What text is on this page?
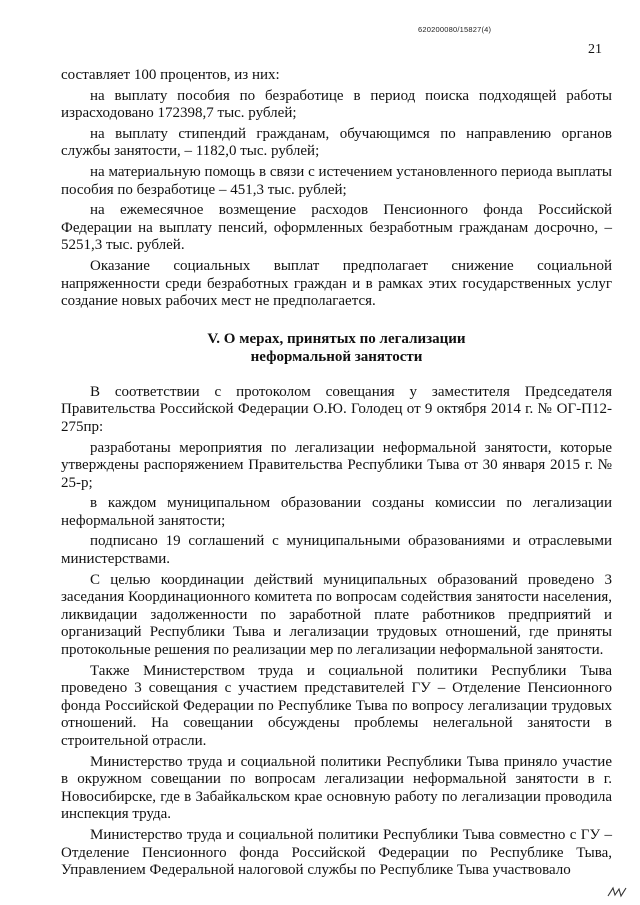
620200080/15827(4)
21

составляет 100 процентов, из них:

на выплату пособия по безработице в период поиска подходящей работы израсходовано 172398,7 тыс. рублей;

на выплату стипендий гражданам, обучающимся по направлению органов службы занятости, – 1182,0 тыс. рублей;

на материальную помощь в связи с истечением установленного периода выплаты пособия по безработице – 451,3 тыс. рублей;

на ежемесячное возмещение расходов Пенсионного фонда Российской Федерации на выплату пенсий, оформленных безработным гражданам досрочно, – 5251,3 тыс. рублей.

Оказание социальных выплат предполагает снижение социальной напряженности среди безработных граждан и в рамках этих государственных услуг создание новых рабочих мест не предполагается.

V. О мерах, принятых по легализации
неформальной занятости

В соответствии с протоколом совещания у заместителя Председателя Правительства Российской Федерации О.Ю. Голодец от 9 октября 2014 г. № ОГ-П12-275пр:

разработаны мероприятия по легализации неформальной занятости, которые утверждены распоряжением Правительства Республики Тыва от 30 января 2015 г. № 25-р;

в каждом муниципальном образовании созданы комиссии по легализации неформальной занятости;

подписано 19 соглашений с муниципальными образованиями и отраслевыми министерствами.

С целью координации действий муниципальных образований проведено 3 заседания Координационного комитета по вопросам содействия занятости населения, ликвидации задолженности по заработной плате работников предприятий и организаций Республики Тыва и легализации трудовых отношений, где приняты протокольные решения по реализации мер по легализации неформальной занятости.

Также Министерством труда и социальной политики Республики Тыва проведено 3 совещания с участием представителей ГУ – Отделение Пенсионного фонда Российской Федерации по Республике Тыва по вопросу легализации трудовых отношений. На совещании обсуждены проблемы нелегальной занятости в строительной отрасли.

Министерство труда и социальной политики Республики Тыва приняло участие в окружном совещании по вопросам легализации неформальной занятости в г. Новосибирске, где в Забайкальском крае основную работу по легализации проводила инспекция труда.

Министерство труда и социальной политики Республики Тыва совместно с ГУ – Отделение Пенсионного фонда Российской Федерации по Республике Тыва, Управлением Федеральной налоговой службы по Республике Тыва участвовало
